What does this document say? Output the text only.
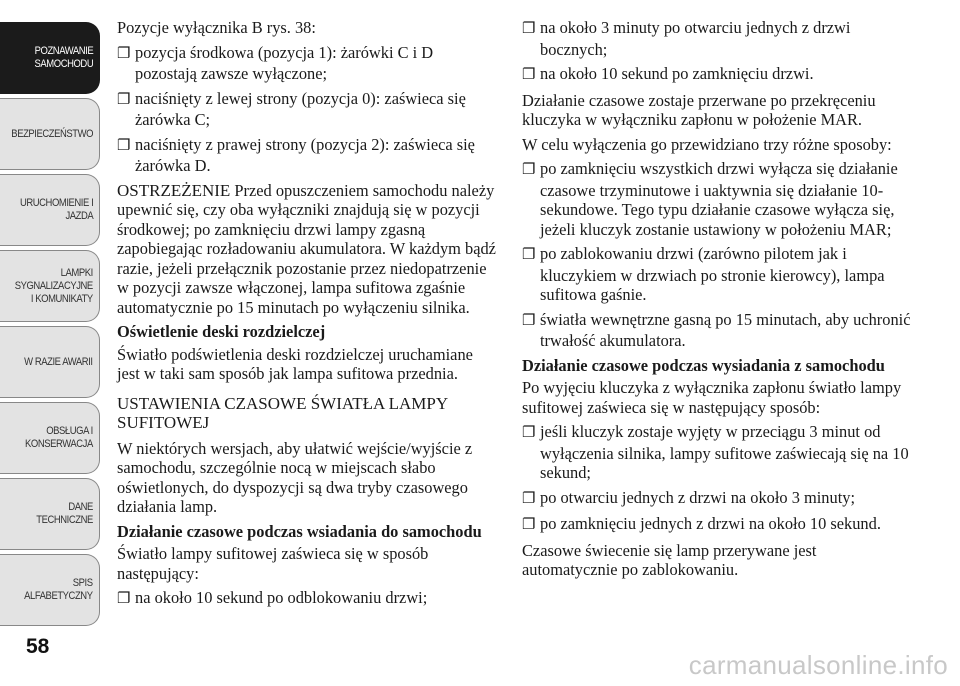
POZNAWANIE
SAMOCHODU
BEZPIECZEŃSTWO
URUCHOMIENIE I
JAZDA
LAMPKI
SYGNALIZACYJNE
I KOMUNIKATY
W RAZIE AWARII
OBSŁUGA I
KONSERWACJA
DANE
TECHNICZNE
SPIS
ALFABETYCZNY
58
carmanualsonline.info

Pozycje wyłącznika B rys. 38:

❐ pozycja środkowa (pozycja 1): żarówki C i D pozostają zawsze wyłączone;

❐ naciśnięty z lewej strony (pozycja 0): zaświeca się żarówka C;

❐ naciśnięty z prawej strony (pozycja 2): zaświeca się żarówka D.

OSTRZEŻENIE Przed opuszczeniem samochodu należy upewnić się, czy oba wyłączniki znajdują się w pozycji środkowej; po zamknięciu drzwi lampy zgasną zapobiegając rozładowaniu akumulatora. W każdym bądź razie, jeżeli przełącznik pozostanie przez niedopatrzenie w pozycji zawsze włączonej, lampa sufitowa zgaśnie automatycznie po 15 minutach po wyłączeniu silnika.

Oświetlenie deski rozdzielczej

Światło podświetlenia deski rozdzielczej uruchamiane jest w taki sam sposób jak lampa sufitowa przednia.

USTAWIENIA CZASOWE ŚWIATŁA LAMPY SUFITOWEJ

W niektórych wersjach, aby ułatwić wejście/wyjście z samochodu, szczególnie nocą w miejscach słabo oświetlonych, do dyspozycji są dwa tryby czasowego działania lamp.

Działanie czasowe podczas wsiadania do samochodu

Światło lampy sufitowej zaświeca się w sposób następujący:

❐ na około 10 sekund po odblokowaniu drzwi;

❐ na około 3 minuty po otwarciu jednych z drzwi bocznych;

❐ na około 10 sekund po zamknięciu drzwi.

Działanie czasowe zostaje przerwane po przekręceniu kluczyka w wyłączniku zapłonu w położenie MAR.

W celu wyłączenia go przewidziano trzy różne sposoby:

❐ po zamknięciu wszystkich drzwi wyłącza się działanie czasowe trzyminutowe i uaktywnia się działanie 10-sekundowe. Tego typu działanie czasowe wyłącza się, jeżeli kluczyk zostanie ustawiony w położeniu MAR;

❐ po zablokowaniu drzwi (zarówno pilotem jak i kluczykiem w drzwiach po stronie kierowcy), lampa sufitowa gaśnie.

❐ światła wewnętrzne gasną po 15 minutach, aby uchronić trwałość akumulatora.

Działanie czasowe podczas wysiadania z samochodu

Po wyjęciu kluczyka z wyłącznika zapłonu światło lampy sufitowej zaświeca się w następujący sposób:

❐ jeśli kluczyk zostaje wyjęty w przeciągu 3 minut od wyłączenia silnika, lampy sufitowe zaświecają się na 10 sekund;

❐ po otwarciu jednych z drzwi na około 3 minuty;

❐ po zamknięciu jednych z drzwi na około 10 sekund.

Czasowe świecenie się lamp przerywane jest automatycznie po zablokowaniu.
